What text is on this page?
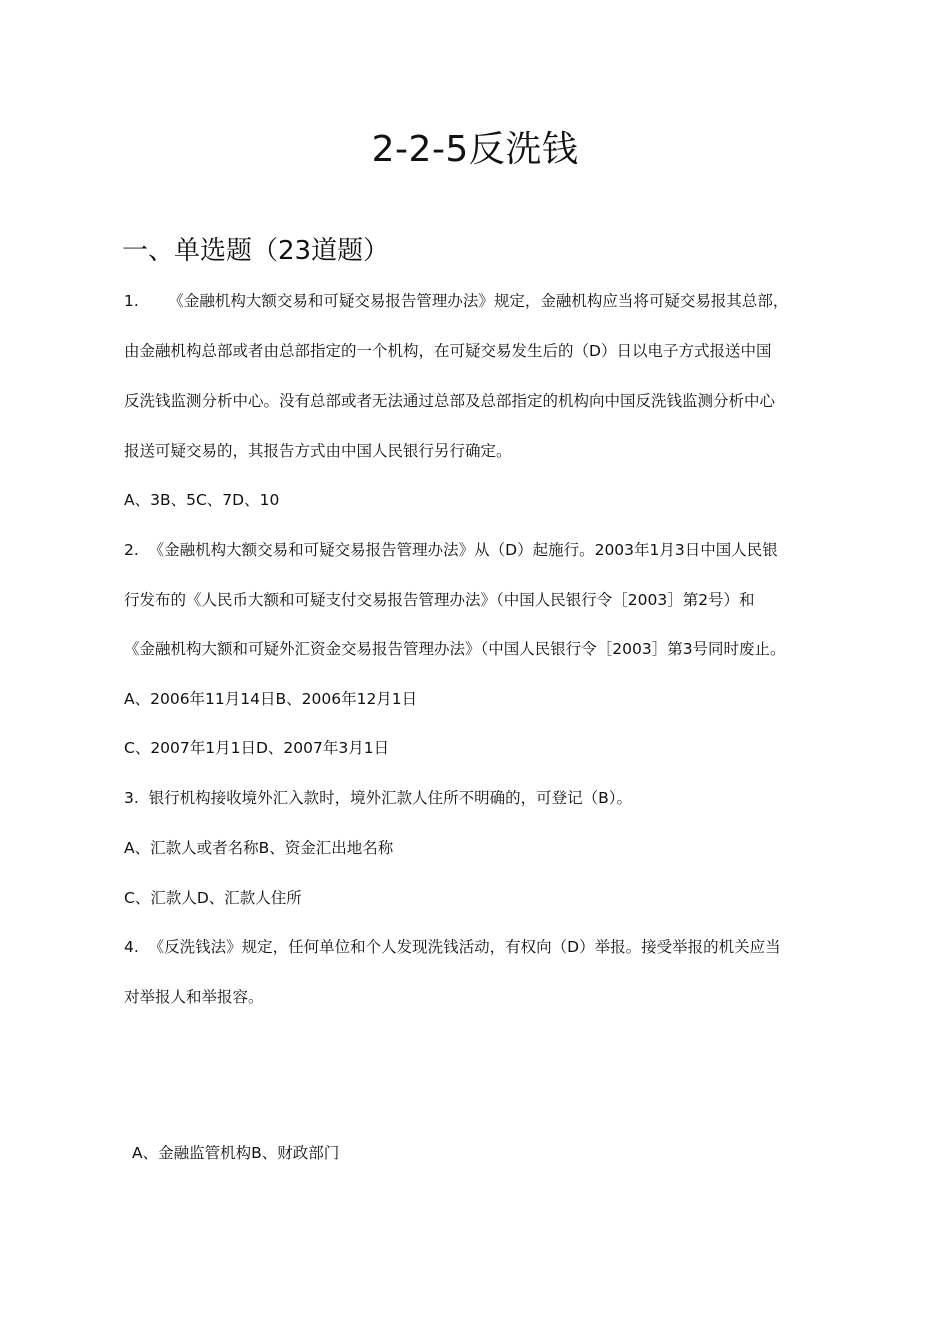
2-2-5反洗钱
一、单选题（23道题）
1.      《金融机构大额交易和可疑交易报告管理办法》规定，金融机构应当将可疑交易报其总部，
由金融机构总部或者由总部指定的一个机构，在可疑交易发生后的（D）日以电子方式报送中国
反洗钱监测分析中心。没有总部或者无法通过总部及总部指定的机构向中国反洗钱监测分析中心
报送可疑交易的，其报告方式由中国人民银行另行确定。
A、3B、5C、7D、10
2.  《金融机构大额交易和可疑交易报告管理办法》从（D）起施行。2003年1月3日中国人民银
行发布的《人民币大额和可疑支付交易报告管理办法》（中国人民银行令［2003］第2号）和
《金融机构大额和可疑外汇资金交易报告管理办法》（中国人民银行令［2003］第3号同时废止。
A、2006年11月14日B、2006年12月1日
C、2007年1月1日D、2007年3月1日
3.  银行机构接收境外汇入款时，境外汇款人住所不明确的，可登记（B）。
A、汇款人或者名称B、资金汇出地名称
C、汇款人D、汇款人住所
4.  《反洗钱法》规定，任何单位和个人发现洗钱活动，有权向（D）举报。接受举报的机关应当
对举报人和举报容。
A、金融监管机构B、财政部门
